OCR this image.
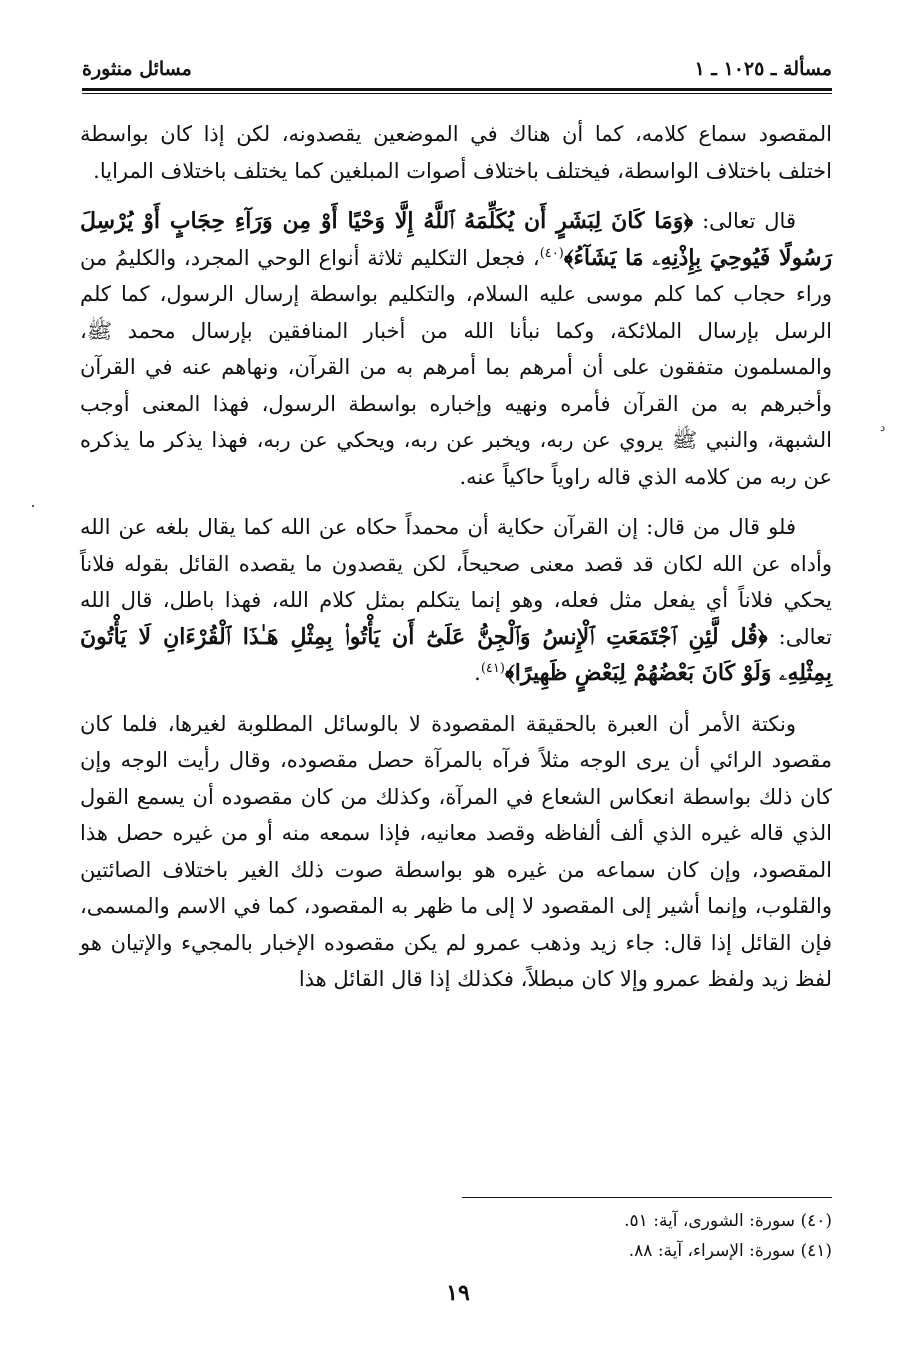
مسألة ـ ١٠٢٥ ـ ١
مسائل منثورة
د

المقصود سماع كلامه، كما أن هناك في الموضعين يقصدونه، لكن إذا كان بواسطة اختلف باختلاف الواسطة، فيختلف باختلاف أصوات المبلغين كما يختلف باختلاف المرايا.

قال تعالى: ﴿وَمَا كَانَ لِبَشَرٍ أَن يُكَلِّمَهُ ٱللَّهُ إِلَّا وَحْيًا أَوْ مِن وَرَآءِ حِجَابٍ أَوْ يُرْسِلَ رَسُولًا فَيُوحِيَ بِإِذْنِهِۦ مَا يَشَآءُ﴾$^{(٤٠)}$، فجعل التكليم ثلاثة أنواع الوحي المجرد، والكليمُ من وراء حجاب كما كلم موسى عليه السلام، والتكليم بواسطة إرسال الرسول، كما كلم الرسل بإرسال الملائكة، وكما نبأنا الله من أخبار المنافقين بإرسال محمد ﷺ، والمسلمون متفقون على أن أمرهم بما أمرهم به من القرآن، ونهاهم عنه في القرآن وأخبرهم به من القرآن فأمره ونهيه وإخباره بواسطة الرسول، فهذا المعنى أوجب الشبهة، والنبي ﷺ يروي عن ربه، ويخبر عن ربه، ويحكي عن ربه، فهذا يذكر ما يذكره عن ربه من كلامه الذي قاله راوياً حاكياً عنه.

فلو قال من قال: إن القرآن حكاية أن محمداً حكاه عن الله كما يقال بلغه عن الله وأداه عن الله لكان قد قصد معنى صحيحاً، لكن يقصدون ما يقصده القائل بقوله فلاناً يحكي فلاناً أي يفعل مثل فعله، وهو إنما يتكلم بمثل كلام الله، فهذا باطل، قال الله تعالى: ﴿قُل لَّئِنِ ٱجْتَمَعَتِ ٱلْإِنسُ وَٱلْجِنُّ عَلَىٰٓ أَن يَأْتُوا۟ بِمِثْلِ هَـٰذَا ٱلْقُرْءَانِ لَا يَأْتُونَ بِمِثْلِهِۦ وَلَوْ كَانَ بَعْضُهُمْ لِبَعْضٍ ظَهِيرًا﴾$^{(٤١)}$.

ونكتة الأمر أن العبرة بالحقيقة المقصودة لا بالوسائل المطلوبة لغيرها، فلما كان مقصود الرائي أن يرى الوجه مثلاً فرآه بالمرآة حصل مقصوده، وقال رأيت الوجه وإن كان ذلك بواسطة انعكاس الشعاع في المرآة، وكذلك من كان مقصوده أن يسمع القول الذي قاله غيره الذي ألف ألفاظه وقصد معانيه، فإذا سمعه منه أو من غيره حصل هذا المقصود، وإن كان سماعه من غيره هو بواسطة صوت ذلك الغير باختلاف الصائتين والقلوب، وإنما أشير إلى المقصود لا إلى ما ظهر به المقصود، كما في الاسم والمسمى، فإن القائل إذا قال: جاء زيد وذهب عمرو لم يكن مقصوده الإخبار بالمجيء والإتيان هو لفظ زيد ولفظ عمرو وإلا كان مبطلاً، فكذلك إذا قال القائل هذا

(٤٠) سورة: الشورى، آية: ٥١.
(٤١) سورة: الإسراء، آية: ٨٨.
١٩
